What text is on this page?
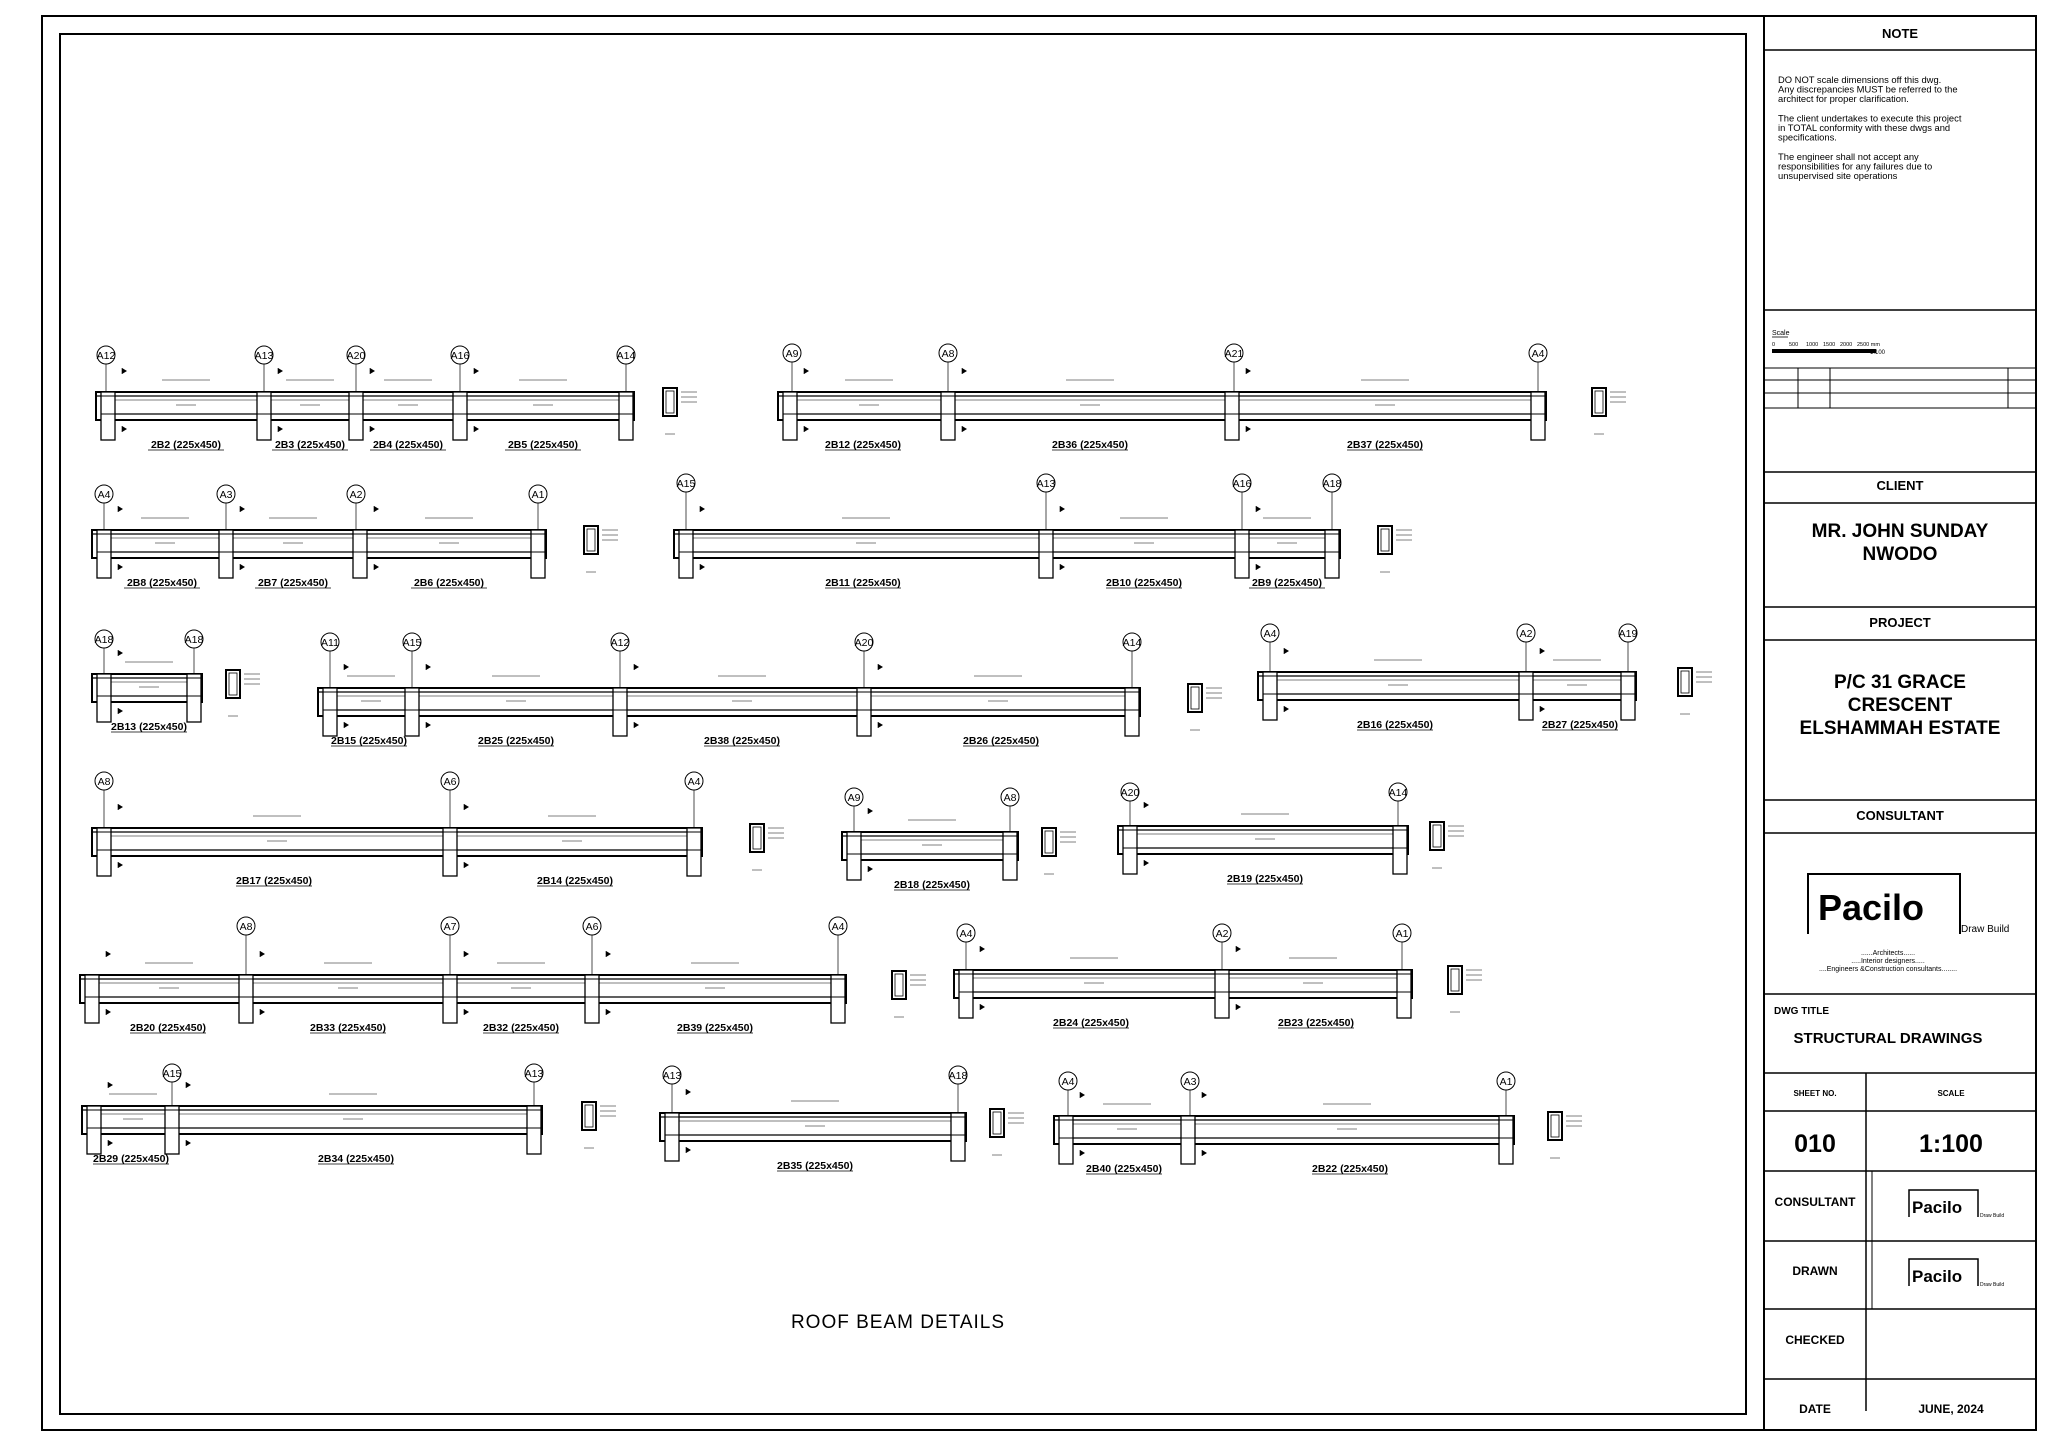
A12	A13	A20	A16	A14
2B2 (225x450)	2B3 (225x450)	2B4 (225x450)	2B5 (225x450)
A9	A8	A21	A4
2B12 (225x450)	2B36 (225x450)	2B37 (225x450)
A4	A3	A2	A1
2B8 (225x450)	2B7 (225x450)	2B6 (225x450)
A15	A13	A16	A18
2B11 (225x450)	2B10 (225x450)	2B9 (225x450)
A18	A18
2B13 (225x450)
A11	A15	A12	A20	A14
2B15 (225x450)	2B25 (225x450)	2B38 (225x450)	2B26 (225x450)
A4	A2	A19
2B16 (225x450)	2B27 (225x450)
A8	A6	A4
2B17 (225x450)	2B14 (225x450)
A9	A8
2B18 (225x450)
A20	A14
2B19 (225x450)
A8	A7	A6	A4
2B20 (225x450)	2B33 (225x450)	2B32 (225x450)	2B39 (225x450)
A4	A2	A1
2B24 (225x450)	2B23 (225x450)
A15	A13
2B29 (225x450)	2B34 (225x450)
A13	A18
2B35 (225x450)
A4	A3	A1
2B40 (225x450)	2B22 (225x450)
ROOF BEAM DETAILS
NOTE
DO NOT scale dimensions off this dwg.
Any discrepancies MUST be referred to the
architect for proper clarification.
The client undertakes to execute this project
in TOTAL conformity with these dwgs and
specifications.
The engineer shall not accept any
responsibilities for any failures due to
unsupervised site operations
Scale
0	500 1000 1500 2000 2500 mm
1:100
CLIENT
MR. JOHN SUNDAY
NWODO
PROJECT
P/C 31 GRACE
CRESCENT
ELSHAMMAH ESTATE
CONSULTANT
Pacilo
Draw Build
......Architects......
.....Interior designers.....
....Engineers &Construction consultants........
DWG TITLE
STRUCTURAL DRAWINGS
SHEET NO.	SCALE
010	1:100
CONSULTANT	Pacilo	Draw Build
DRAWN	Pacilo	Draw Build
CHECKED
DATE	JUNE, 2024
